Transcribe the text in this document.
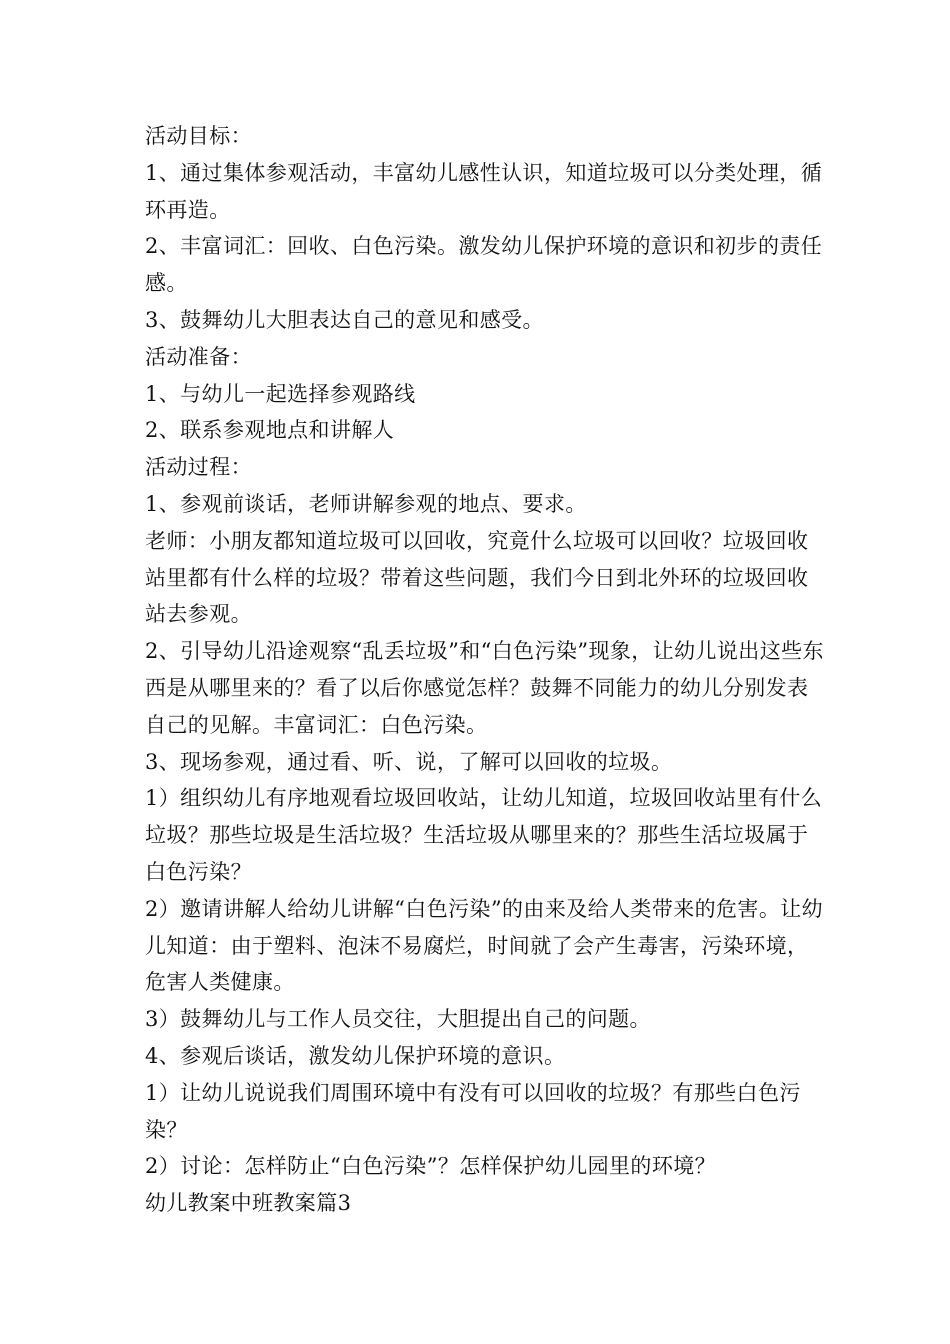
活动目标：

1、通过集体参观活动，丰富幼儿感性认识，知道垃圾可以分类处理，循环再造。

2、丰富词汇：回收、白色污染。激发幼儿保护环境的意识和初步的责任感。

3、鼓舞幼儿大胆表达自己的意见和感受。

活动准备：

1、与幼儿一起选择参观路线

2、联系参观地点和讲解人

活动过程：

1、参观前谈话，老师讲解参观的地点、要求。

老师：小朋友都知道垃圾可以回收，究竟什么垃圾可以回收？垃圾回收站里都有什么样的垃圾？带着这些问题，我们今日到北外环的垃圾回收站去参观。

2、引导幼儿沿途观察“乱丢垃圾”和“白色污染”现象，让幼儿说出这些东西是从哪里来的？看了以后你感觉怎样？鼓舞不同能力的幼儿分别发表自己的见解。丰富词汇：白色污染。

3、现场参观，通过看、听、说，了解可以回收的垃圾。

1）组织幼儿有序地观看垃圾回收站，让幼儿知道，垃圾回收站里有什么垃圾？那些垃圾是生活垃圾？生活垃圾从哪里来的？那些生活垃圾属于白色污染？

2）邀请讲解人给幼儿讲解“白色污染”的由来及给人类带来的危害。让幼儿知道：由于塑料、泡沫不易腐烂，时间就了会产生毒害，污染环境，危害人类健康。

3）鼓舞幼儿与工作人员交往，大胆提出自己的问题。

4、参观后谈话，激发幼儿保护环境的意识。

1）让幼儿说说我们周围环境中有没有可以回收的垃圾？有那些白色污染？

2）讨论：怎样防止“白色污染”？怎样保护幼儿园里的环境？

幼儿教案中班教案篇3
